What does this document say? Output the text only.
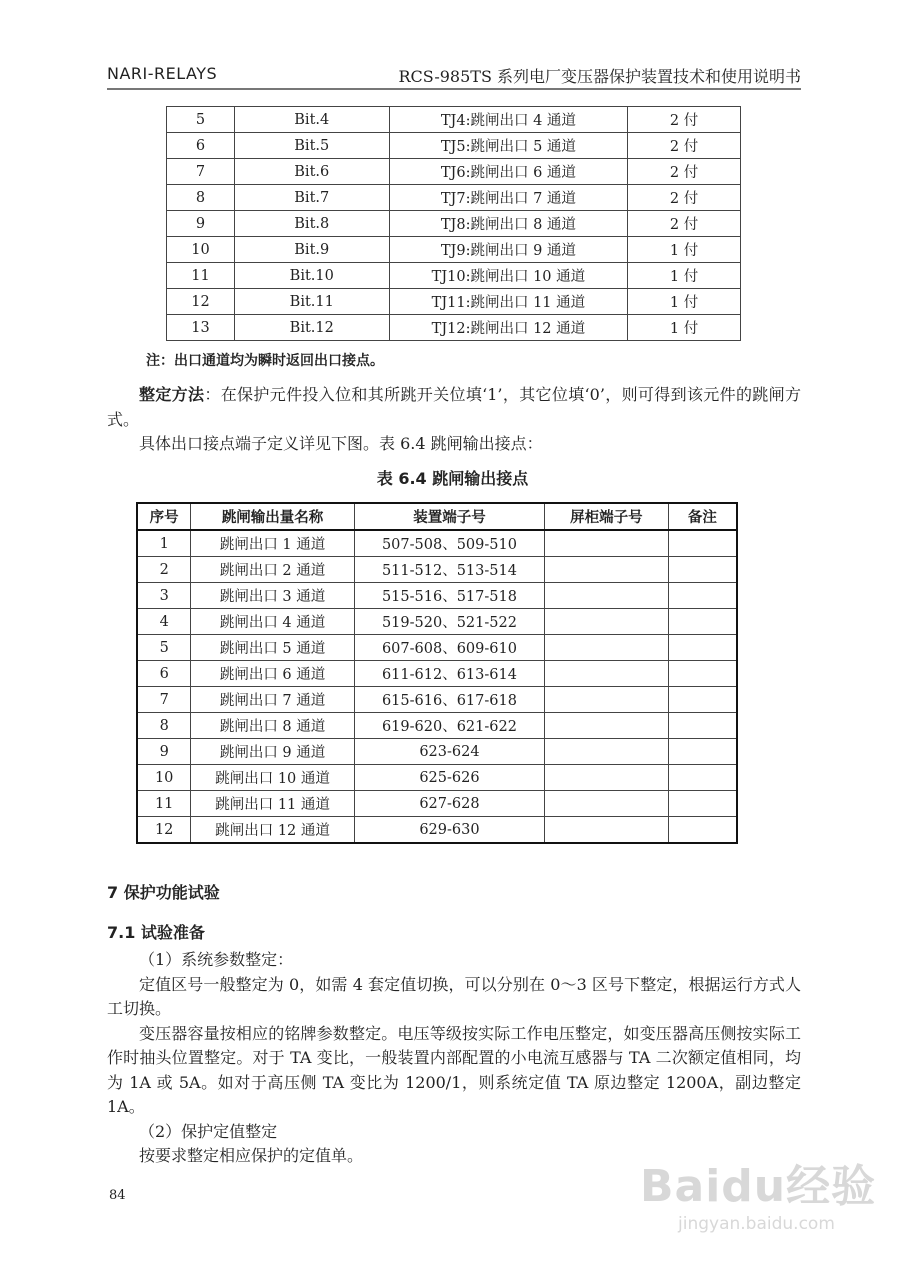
NARI-RELAYS	RCS-985TS 系列电厂变压器保护装置技术和使用说明书
5	Bit.4	TJ4:跳闸出口 4 通道	2 付
6	Bit.5	TJ5:跳闸出口 5 通道	2 付
7	Bit.6	TJ6:跳闸出口 6 通道	2 付
8	Bit.7	TJ7:跳闸出口 7 通道	2 付
9	Bit.8	TJ8:跳闸出口 8 通道	2 付
10	Bit.9	TJ9:跳闸出口 9 通道	1 付
11	Bit.10	TJ10:跳闸出口 10 通道	1 付
12	Bit.11	TJ11:跳闸出口 11 通道	1 付
13	Bit.12	TJ12:跳闸出口 12 通道	1 付
注：出口通道均为瞬时返回出口接点。
整定方法：在保护元件投入位和其所跳开关位填‘1’，其它位填‘0’，则可得到该元件的跳闸方式。
具体出口接点端子定义详见下图。表 6.4 跳闸输出接点：
表 6.4 跳闸输出接点
序号	跳闸输出量名称	装置端子号	屏柜端子号	备注
1	跳闸出口 1 通道	507-508、509-510		
2	跳闸出口 2 通道	511-512、513-514		
3	跳闸出口 3 通道	515-516、517-518		
4	跳闸出口 4 通道	519-520、521-522		
5	跳闸出口 5 通道	607-608、609-610		
6	跳闸出口 6 通道	611-612、613-614		
7	跳闸出口 7 通道	615-616、617-618		
8	跳闸出口 8 通道	619-620、621-622		
9	跳闸出口 9 通道	623-624		
10	跳闸出口 10 通道	625-626		
11	跳闸出口 11 通道	627-628		
12	跳闸出口 12 通道	629-630		
7 保护功能试验
7.1 试验准备
（1）系统参数整定：
定值区号一般整定为 0，如需 4 套定值切换，可以分别在 0～3 区号下整定，根据运行方式人工切换。
变压器容量按相应的铭牌参数整定。电压等级按实际工作电压整定，如变压器高压侧按实际工作时抽头位置整定。对于 TA 变比，一般装置内部配置的小电流互感器与 TA 二次额定值相同，均为 1A 或 5A。如对于高压侧 TA 变比为 1200/1，则系统定值 TA 原边整定 1200A，副边整定 1A。
（2）保护定值整定
按要求整定相应保护的定值单。
84	Baidu经验
jingyan.baidu.com
